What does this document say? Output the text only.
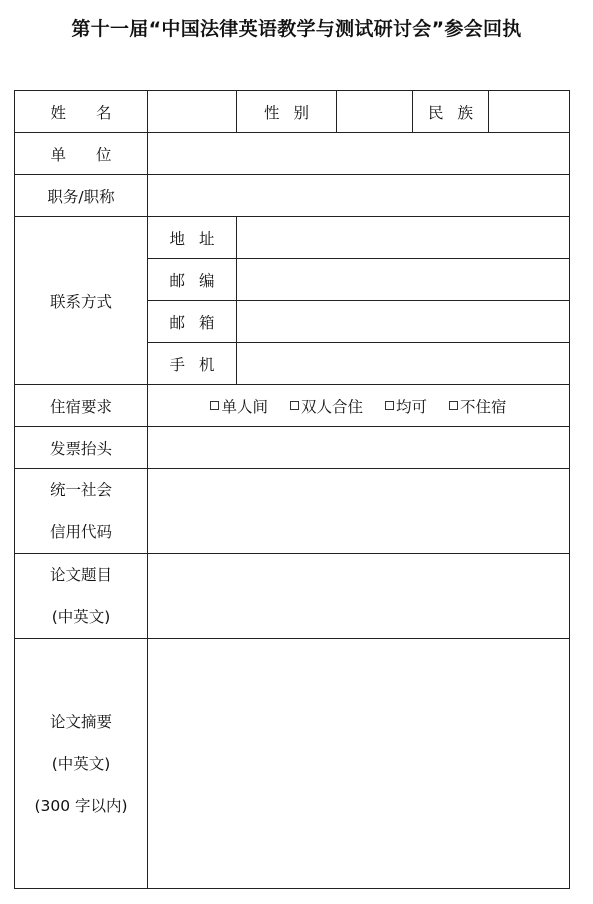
第十一届“中国法律英语教学与测试研讨会”参会回执
姓 名		性 别		民 族	
单 位					
职务/职称					
联系方式	地 址				
	邮 编				
	邮 箱				
	手 机				
住宿要求	单人间 双人合住 均可 不住宿				

发票抬头					

统一社会
信用代码					

论文题目
(中英文)					

论文摘要
(中英文)
(300 字以内)					
